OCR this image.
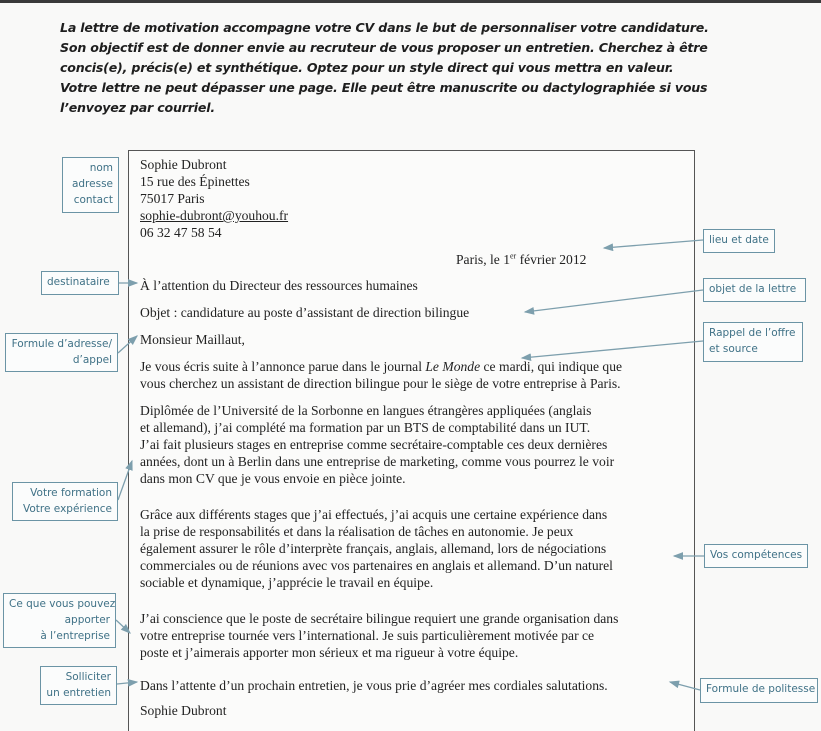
La lettre de motivation accompagne votre CV dans le but de personnaliser votre candidature.
Son objectif est de donner envie au recruteur de vous proposer un entretien. Cherchez à être
concis(e), précis(e) et synthétique. Optez pour un style direct qui vous mettra en valeur.
Votre lettre ne peut dépasser une page. Elle peut être manuscrite ou dactylographiée si vous
l’envoyez par courriel.
Sophie Dubront
15 rue des Épinettes
75017 Paris
sophie-dubront@youhou.fr
06 32 47 58 54
Paris, le 1er février 2012
À l’attention du Directeur des ressources humaines
Objet : candidature au poste d’assistant de direction bilingue
Monsieur Maillaut,
Je vous écris suite à l’annonce parue dans le journal Le Monde ce mardi, qui indique que
vous cherchez un assistant de direction bilingue pour le siège de votre entreprise à Paris.
Diplômée de l’Université de la Sorbonne en langues étrangères appliquées (anglais
et allemand), j’ai complété ma formation par un BTS de comptabilité dans un IUT.
J’ai fait plusieurs stages en entreprise comme secrétaire-comptable ces deux dernières
années, dont un à Berlin dans une entreprise de marketing, comme vous pourrez le voir
dans mon CV que je vous envoie en pièce jointe.
Grâce aux différents stages que j’ai effectués, j’ai acquis une certaine expérience dans
la prise de responsabilités et dans la réalisation de tâches en autonomie. Je peux
également assurer le rôle d’interprète français, anglais, allemand, lors de négociations
commerciales ou de réunions avec vos partenaires en anglais et allemand. D’un naturel
sociable et dynamique, j’apprécie le travail en équipe.
J’ai conscience que le poste de secrétaire bilingue requiert une grande organisation dans
votre entreprise tournée vers l’international. Je suis particulièrement motivée par ce
poste et j’aimerais apporter mon sérieux et ma rigueur à votre équipe.
Dans l’attente d’un prochain entretien, je vous prie d’agréer mes cordiales salutations.
Sophie Dubront
nom
adresse
contact
destinataire
Formule d’adresse/
d’appel
Votre formation
Votre expérience
Ce que vous pouvez
apporter
à l’entreprise
Solliciter
un entretien
lieu et date
objet de la lettre
Rappel de l’offre
et source
Vos compétences
Formule de politesse
